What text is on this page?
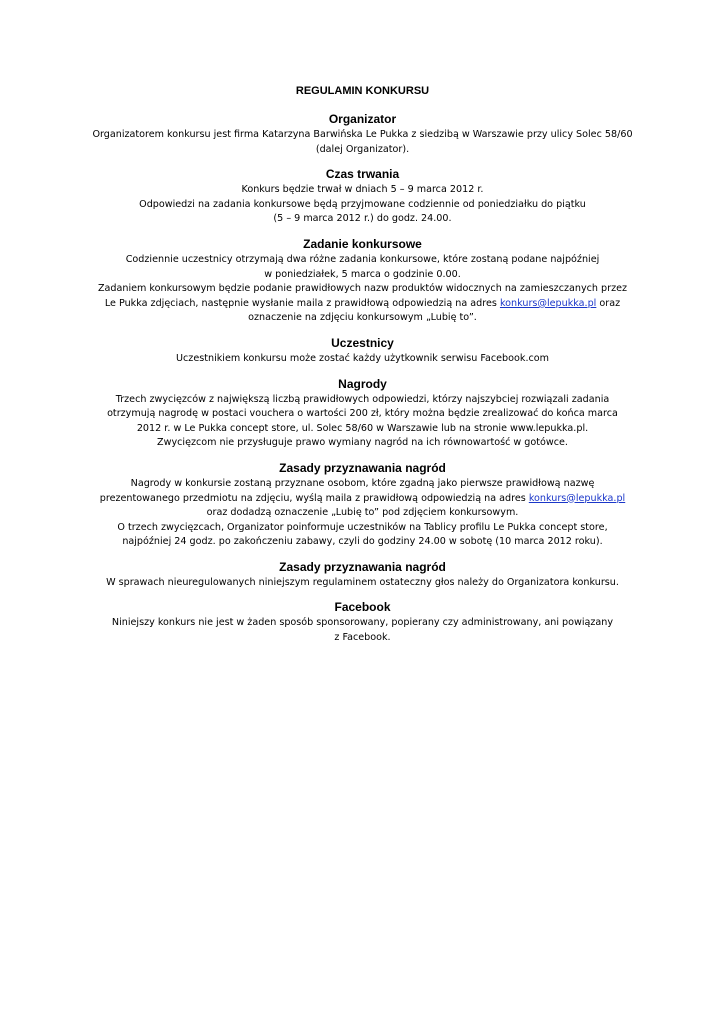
REGULAMIN KONKURSU
Organizator
Organizatorem konkursu jest firma Katarzyna Barwińska Le Pukka z siedzibą w Warszawie przy ulicy Solec 58/60
(dalej Organizator).
Czas trwania
Konkurs będzie trwał w dniach 5 – 9 marca 2012 r.
Odpowiedzi na zadania konkursowe będą przyjmowane codziennie od poniedziałku do piątku
(5 – 9 marca 2012 r.) do godz. 24.00.
Zadanie konkursowe
Codziennie uczestnicy otrzymają dwa różne zadania konkursowe, które zostaną podane najpóźniej
w poniedziałek, 5 marca o godzinie 0.00.
Zadaniem konkursowym będzie podanie prawidłowych nazw produktów widocznych na zamieszczanych przez
Le Pukka zdjęciach, następnie wysłanie maila z prawidłową odpowiedzią na adres konkurs@lepukka.pl oraz
oznaczenie na zdjęciu konkursowym „Lubię to”.
Uczestnicy
Uczestnikiem konkursu może zostać każdy użytkownik serwisu Facebook.com
Nagrody
Trzech zwycięzców z największą liczbą prawidłowych odpowiedzi, którzy najszybciej rozwiązali zadania
otrzymują nagrodę w postaci vouchera o wartości 200 zł, który można będzie zrealizować do końca marca
2012 r. w Le Pukka concept store, ul. Solec 58/60 w Warszawie lub na stronie www.lepukka.pl.
Zwycięzcom nie przysługuje prawo wymiany nagród na ich równowartość w gotówce.
Zasady przyznawania nagród
Nagrody w konkursie zostaną przyznane osobom, które zgadną jako pierwsze prawidłową nazwę
prezentowanego przedmiotu na zdjęciu, wyślą maila z prawidłową odpowiedzią na adres konkurs@lepukka.pl
oraz dodadzą oznaczenie „Lubię to” pod zdjęciem konkursowym.
O trzech zwycięzcach, Organizator poinformuje uczestników na Tablicy profilu Le Pukka concept store,
najpóźniej 24 godz. po zakończeniu zabawy, czyli do godziny 24.00 w sobotę (10 marca 2012 roku).
Zasady przyznawania nagród
W sprawach nieuregulowanych niniejszym regulaminem ostateczny głos należy do Organizatora konkursu.
Facebook
Niniejszy konkurs nie jest w żaden sposób sponsorowany, popierany czy administrowany, ani powiązany
z Facebook.
